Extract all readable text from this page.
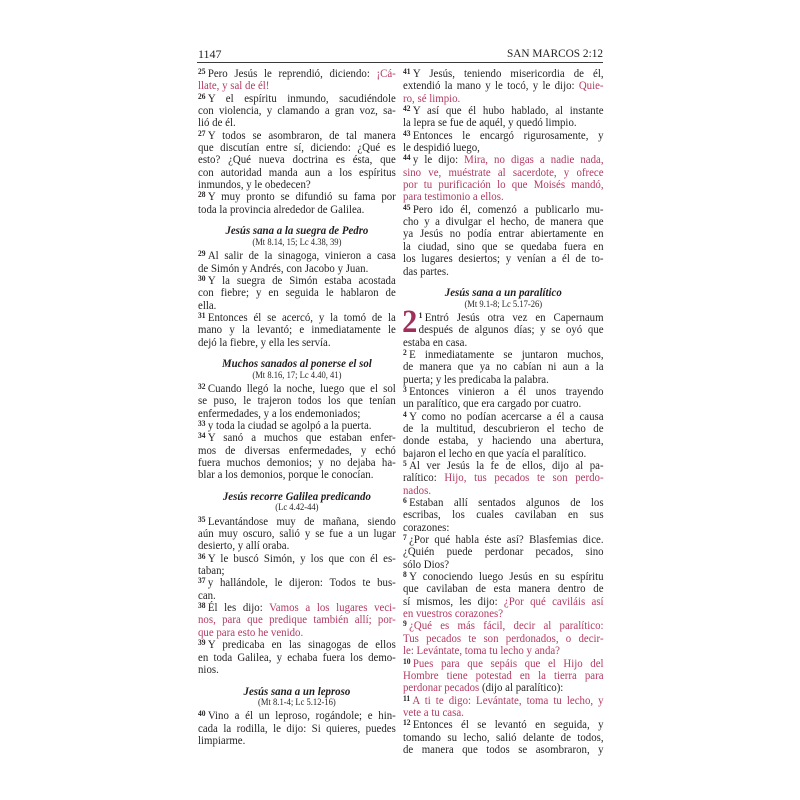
1147	SAN MARCOS 2:12
$^{25}$ Pero Jesús le reprendió, diciendo: ¡Cá-
llate, y sal de él!
$^{26}$ Y el espíritu inmundo, sacudiéndole
con violencia, y clamando a gran voz, sa-
lió de él.
$^{27}$ Y todos se asombraron, de tal manera
que discutían entre sí, diciendo: ¿Qué es
esto? ¿Qué nueva doctrina es ésta, que
con autoridad manda aun a los espíritus
inmundos, y le obedecen?
$^{28}$ Y muy pronto se difundió su fama por
toda la provincia alrededor de Galilea.
Jesús sana a la suegra de Pedro
(Mt 8.14, 15; Lc 4.38, 39)
$^{29}$ Al salir de la sinagoga, vinieron a casa
de Simón y Andrés, con Jacobo y Juan.
$^{30}$ Y la suegra de Simón estaba acostada
con fiebre; y en seguida le hablaron de
ella.
$^{31}$ Entonces él se acercó, y la tomó de la
mano y la levantó; e inmediatamente le
dejó la fiebre, y ella les servía.
Muchos sanados al ponerse el sol
(Mt 8.16, 17; Lc 4.40, 41)
$^{32}$ Cuando llegó la noche, luego que el sol
se puso, le trajeron todos los que tenían
enfermedades, y a los endemoniados;
$^{33}$ y toda la ciudad se agolpó a la puerta.
$^{34}$ Y sanó a muchos que estaban enfer-
mos de diversas enfermedades, y echó
fuera muchos demonios; y no dejaba ha-
blar a los demonios, porque le conocían.
Jesús recorre Galilea predicando
(Lc 4.42-44)
$^{35}$ Levantándose muy de mañana, siendo
aún muy oscuro, salió y se fue a un lugar
desierto, y allí oraba.
$^{36}$ Y le buscó Simón, y los que con él es-
taban;
$^{37}$ y hallándole, le dijeron: Todos te bus-
can.
$^{38}$ Él les dijo: Vamos a los lugares veci-
nos, para que predique también allí; por-
que para esto he venido.
$^{39}$ Y predicaba en las sinagogas de ellos
en toda Galilea, y echaba fuera los demo-
nios.
Jesús sana a un leproso
(Mt 8.1-4; Lc 5.12-16)
$^{40}$ Vino a él un leproso, rogándole; e hin-
cada la rodilla, le dijo: Si quieres, puedes
limpiarme.
$^{41}$ Y Jesús, teniendo misericordia de él,
extendió la mano y le tocó, y le dijo: Quie-
ro, sé limpio.
$^{42}$ Y así que él hubo hablado, al instante
la lepra se fue de aquél, y quedó limpio.
$^{43}$ Entonces le encargó rigurosamente, y
le despidió luego,
$^{44}$ y le dijo: Mira, no digas a nadie nada,
sino ve, muéstrate al sacerdote, y ofrece
por tu purificación lo que Moisés mandó,
para testimonio a ellos.
$^{45}$ Pero ido él, comenzó a publicarlo mu-
cho y a divulgar el hecho, de manera que
ya Jesús no podía entrar abiertamente en
la ciudad, sino que se quedaba fuera en
los lugares desiertos; y venían a él de to-
das partes.
Jesús sana a un paralítico
(Mt 9.1-8; Lc 5.17-26)
2 $^1$ Entró Jesús otra vez en Capernaum
después de algunos días; y se oyó que
estaba en casa.
$^2$ E inmediatamente se juntaron muchos,
de manera que ya no cabían ni aun a la
puerta; y les predicaba la palabra.
$^3$ Entonces vinieron a él unos trayendo
un paralítico, que era cargado por cuatro.
$^4$ Y como no podían acercarse a él a causa
de la multitud, descubrieron el techo de
donde estaba, y haciendo una abertura,
bajaron el lecho en que yacía el paralítico.
$^5$ Al ver Jesús la fe de ellos, dijo al pa-
ralítico: Hijo, tus pecados te son perdo-
nados.
$^6$ Estaban allí sentados algunos de los
escribas, los cuales cavilaban en sus
corazones:
$^7$ ¿Por qué habla éste así? Blasfemias dice.
¿Quién puede perdonar pecados, sino
sólo Dios?
$^8$ Y conociendo luego Jesús en su espíritu
que cavilaban de esta manera dentro de
sí mismos, les dijo: ¿Por qué caviláis así
en vuestros corazones?
$^9$ ¿Qué es más fácil, decir al paralítico:
Tus pecados te son perdonados, o decir-
le: Levántate, toma tu lecho y anda?
$^{10}$ Pues para que sepáis que el Hijo del
Hombre tiene potestad en la tierra para
perdonar pecados (dijo al paralítico):
$^{11}$ A ti te digo: Levántate, toma tu lecho, y
vete a tu casa.
$^{12}$ Entonces él se levantó en seguida, y
tomando su lecho, salió delante de todos,
de manera que todos se asombraron, y
